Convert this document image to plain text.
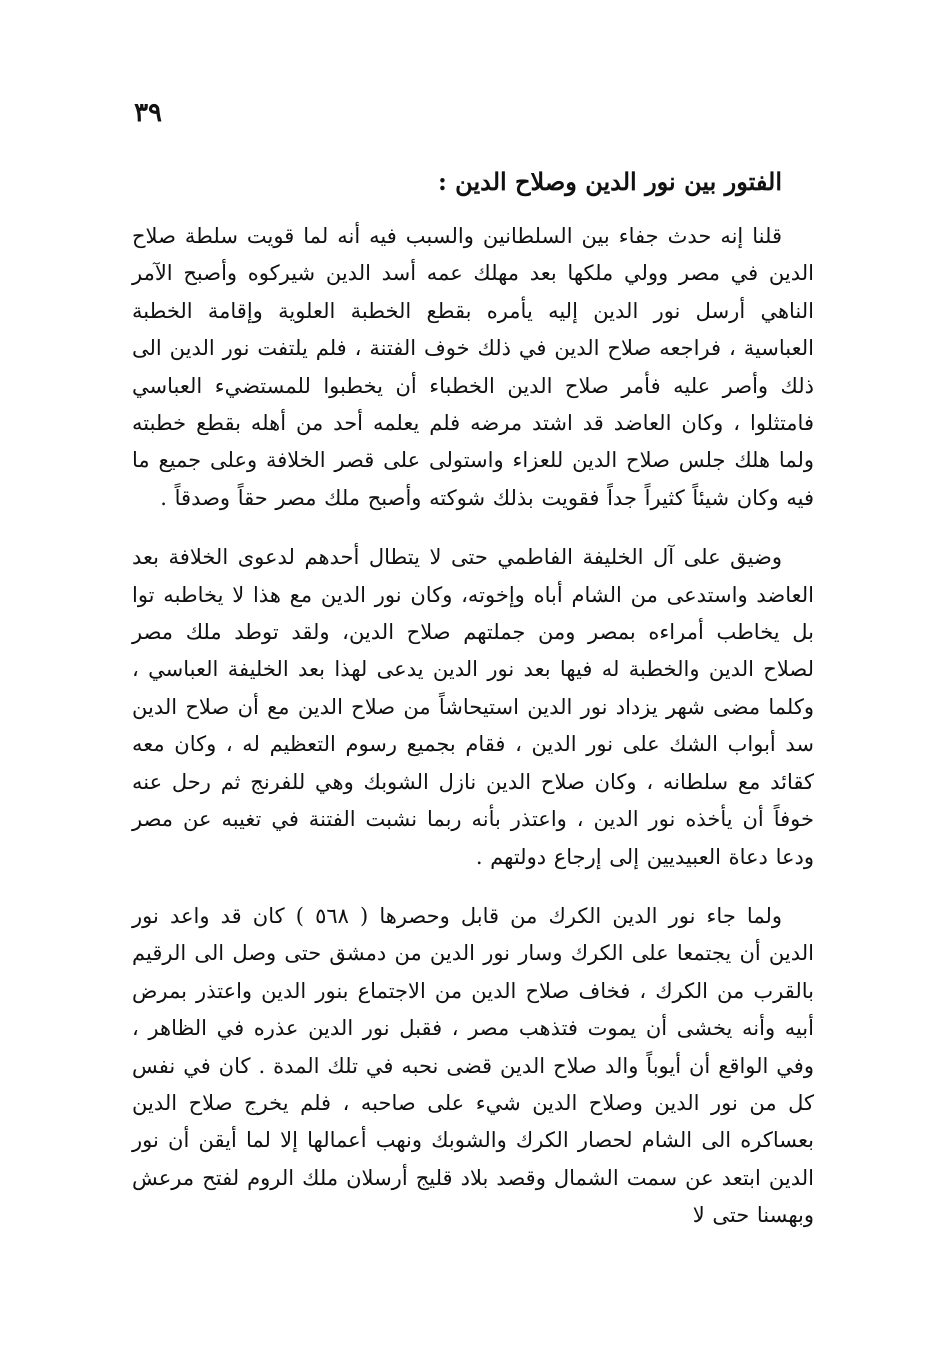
٣٩

الفتور بين نور الدين وصلاح الدين :

قلنا إنه حدث جفاء بين السلطانين والسبب فيه أنه لما قويت سلطة صلاح الدين في مصر وولي ملكها بعد مهلك عمه أسد الدين شيركوه وأصبح الآمر الناهي أرسل نور الدين إليه يأمره بقطع الخطبة العلوية وإقامة الخطبة العباسية ، فراجعه صلاح الدين في ذلك خوف الفتنة ، فلم يلتفت نور الدين الى ذلك وأصر عليه فأمر صلاح الدين الخطباء أن يخطبوا للمستضيء العباسي فامتثلوا ، وكان العاضد قد اشتد مرضه فلم يعلمه أحد من أهله بقطع خطبته ولما هلك جلس صلاح الدين للعزاء واستولى على قصر الخلافة وعلى جميع ما فيه وكان شيئاً كثيراً جداً فقويت بذلك شوكته وأصبح ملك مصر حقاً وصدقاً .

وضيق على آل الخليفة الفاطمي حتى لا يتطال أحدهم لدعوى الخلافة بعد العاضد واستدعى من الشام أباه وإخوته، وكان نور الدين مع هذا لا يخاطبه توا بل يخاطب أمراءه بمصر ومن جملتهم صلاح الدين، ولقد توطد ملك مصر لصلاح الدين والخطبة له فيها بعد نور الدين يدعى لهذا بعد الخليفة العباسي ، وكلما مضى شهر يزداد نور الدين استيحاشاً من صلاح الدين مع أن صلاح الدين سد أبواب الشك على نور الدين ، فقام بجميع رسوم التعظيم له ، وكان معه كقائد مع سلطانه ، وكان صلاح الدين نازل الشوبك وهي للفرنج ثم رحل عنه خوفاً أن يأخذه نور الدين ، واعتذر بأنه ربما نشبت الفتنة في تغيبه عن مصر ودعا دعاة العبيديين إلى إرجاع دولتهم .

ولما جاء نور الدين الكرك من قابل وحصرها ( ٥٦٨ ) كان قد واعد نور الدين أن يجتمعا على الكرك وسار نور الدين من دمشق حتى وصل الى الرقيم بالقرب من الكرك ، فخاف صلاح الدين من الاجتماع بنور الدين واعتذر بمرض أبيه وأنه يخشى أن يموت فتذهب مصر ، فقبل نور الدين عذره في الظاهر ، وفي الواقع أن أيوباً والد صلاح الدين قضى نحبه في تلك المدة . كان في نفس كل من نور الدين وصلاح الدين شيء على صاحبه ، فلم يخرج صلاح الدين بعساكره الى الشام لحصار الكرك والشوبك ونهب أعمالها إلا لما أيقن أن نور الدين ابتعد عن سمت الشمال وقصد بلاد قليج أرسلان ملك الروم لفتح مرعش وبهسنا حتى لا
